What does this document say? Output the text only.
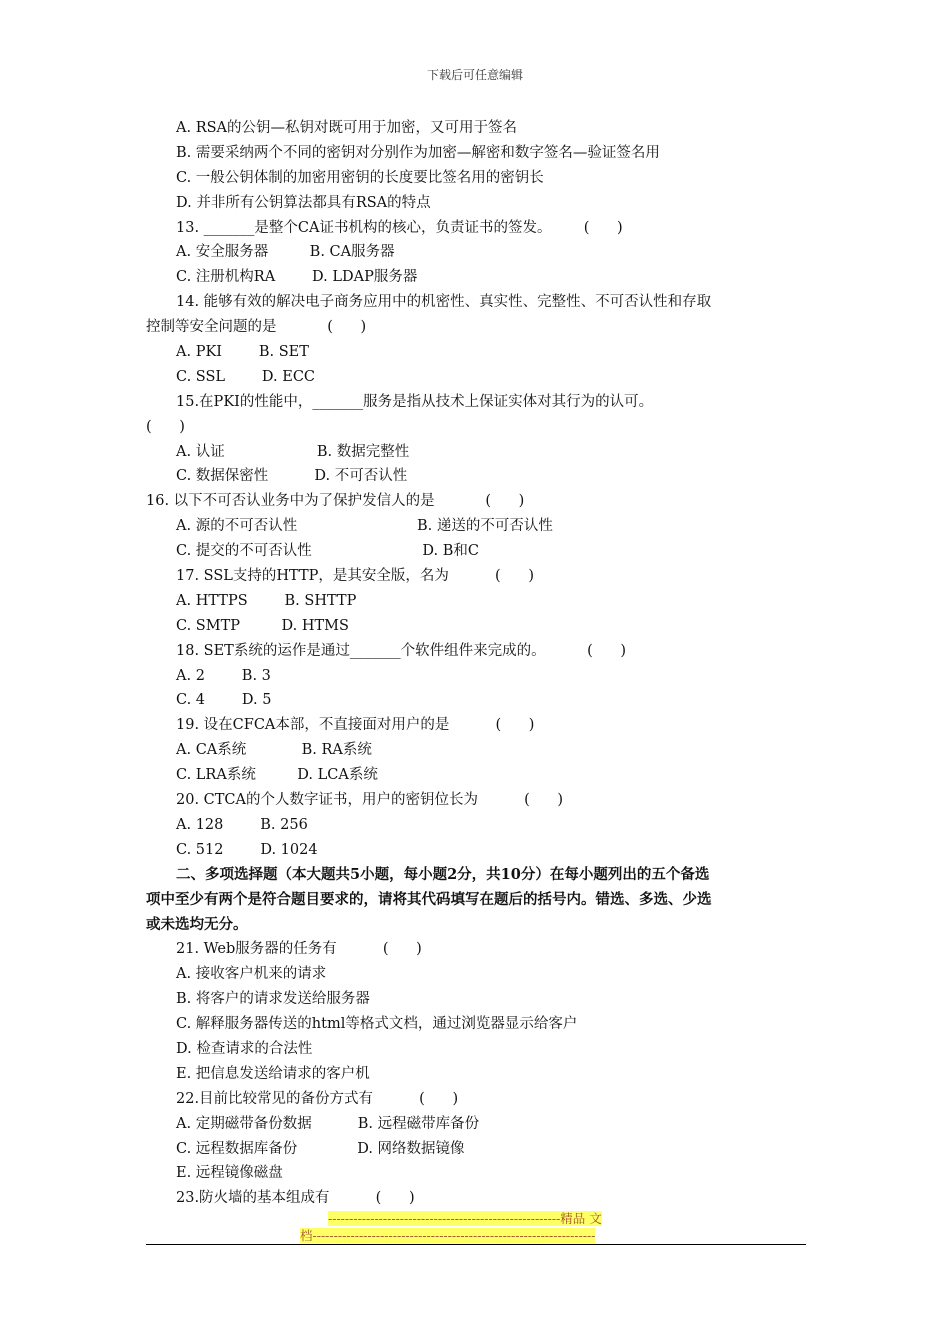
下载后可任意编辑
A. RSA的公钥—私钥对既可用于加密，又可用于签名
B. 需要采纳两个不同的密钥对分别作为加密—解密和数字签名—验证签名用
C. 一般公钥体制的加密用密钥的长度要比签名用的密钥长
D. 并非所有公钥算法都具有RSA的特点
13. _______是整个CA证书机构的核心，负责证书的签发。       (      )
A. 安全服务器         B. CA服务器
C. 注册机构RA        D. LDAP服务器
14. 能够有效的解决电子商务应用中的机密性、真实性、完整性、不可否认性和存取
控制等安全问题的是           (      )
A. PKI        B. SET
C. SSL        D. ECC
15.在PKI的性能中，_______服务是指从技术上保证实体对其行为的认可。
(      )
A. 认证                    B. 数据完整性
C. 数据保密性          D. 不可否认性
16. 以下不可否认业务中为了保护发信人的是           (      )
A. 源的不可否认性                          B. 递送的不可否认性
C. 提交的不可否认性                        D. B和C
17. SSL支持的HTTP，是其安全版，名为          (      )
A. HTTPS        B. SHTTP
C. SMTP         D. HTMS
18. SET系统的运作是通过_______个软件组件来完成的。         (      )
A. 2        B. 3
C. 4        D. 5
19. 设在CFCA本部，不直接面对用户的是          (      )
A. CA系统            B. RA系统
C. LRA系统         D. LCA系统
20. CTCA的个人数字证书，用户的密钥位长为          (      )
A. 128        B. 256
C. 512        D. 1024
二、多项选择题（本大题共5小题，每小题2分，共10分）在每小题列出的五个备选
项中至少有两个是符合题目要求的，请将其代码填写在题后的括号内。错选、多选、少选
或未选均无分。
21. Web服务器的任务有          (      )
A. 接收客户机来的请求
B. 将客户的请求发送给服务器
C. 解释服务器传送的html等格式文档，通过浏览器显示给客户
D. 检查请求的合法性
E. 把信息发送给请求的客户机
22.目前比较常见的备份方式有          (      )
A. 定期磁带备份数据          B. 远程磁带库备份
C. 远程数据库备份             D. 网络数据镜像
E. 远程镜像磁盘
23.防火墙的基本组成有          (      )
-------------------------------------------------------精品 文
档-------------------------------------------------------------------
